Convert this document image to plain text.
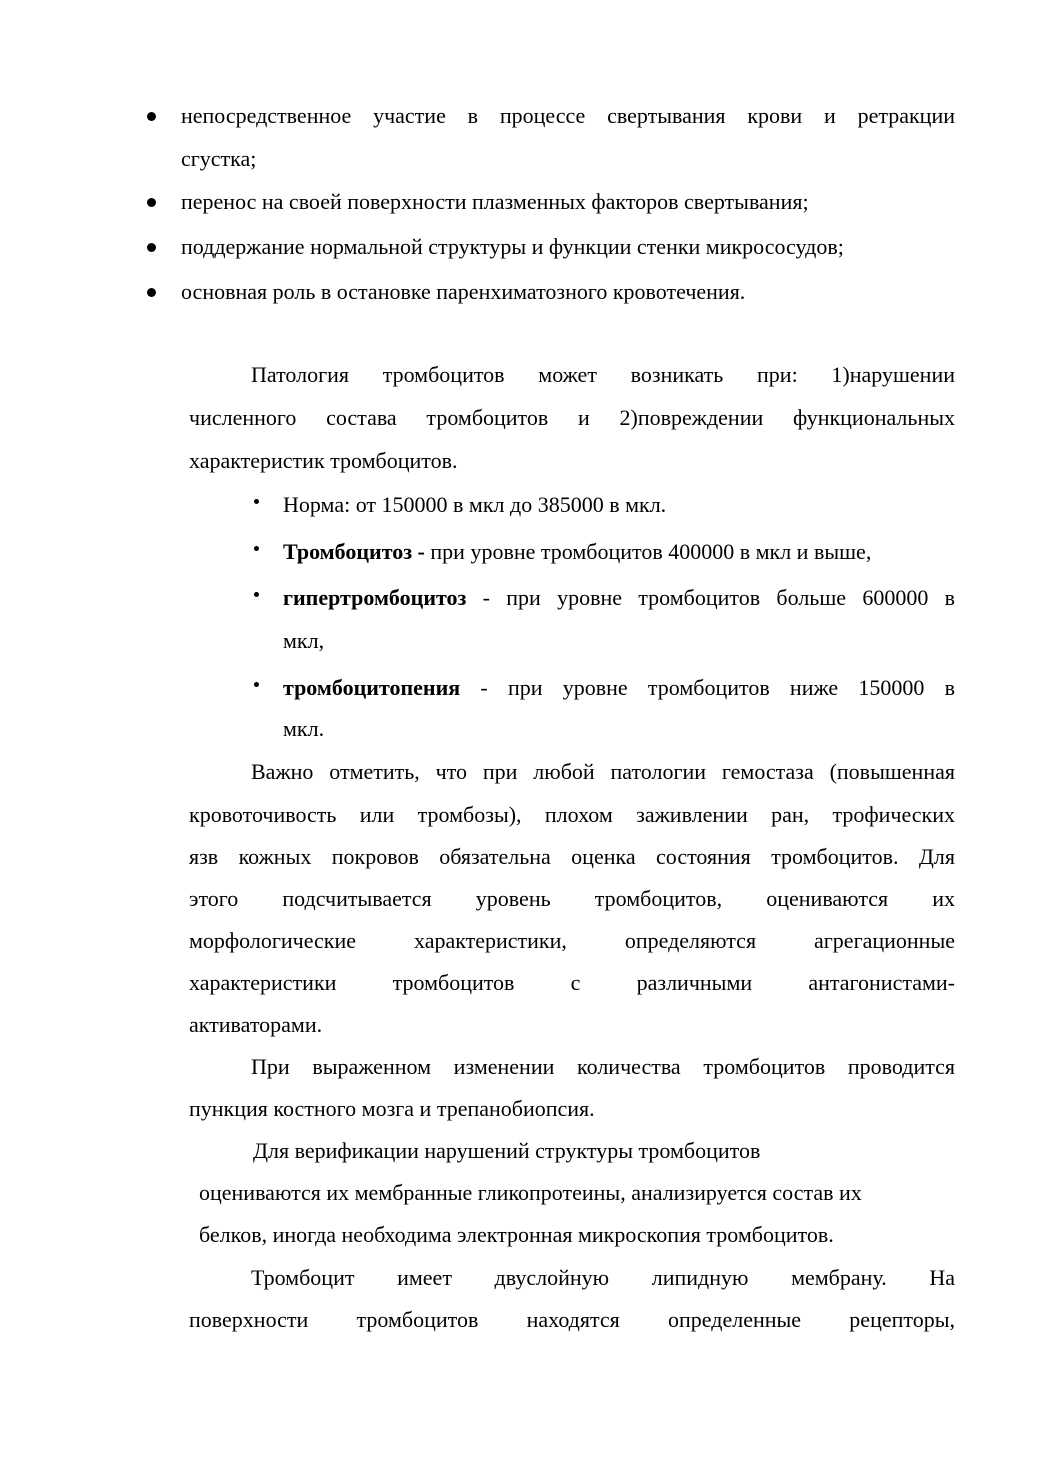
непосредственное участие в процессе свертывания крови и ретракции
сгустка;
перенос на своей поверхности плазменных факторов свертывания;
поддержание нормальной структуры и функции стенки микрососудов;
основная роль в остановке паренхиматозного кровотечения.
Патология тромбоцитов может возникать при: 1)нарушении
численного состава тромбоцитов и 2)повреждении функциональных
характеристик тромбоцитов.
Норма: от 150000 в мкл до 385000 в мкл.
Тромбоцитоз - при уровне тромбоцитов 400000 в мкл и выше,
гипертромбоцитоз - при уровне тромбоцитов больше 600000 в
мкл,
тромбоцитопения - при уровне тромбоцитов ниже 150000 в
мкл.
Важно отметить, что при любой патологии гемостаза (повышенная
кровоточивость или тромбозы), плохом заживлении ран, трофических
язв кожных покровов обязательна оценка состояния тромбоцитов. Для
этого подсчитывается уровень тромбоцитов, оцениваются их
морфологические характеристики, определяются агрегационные
характеристики тромбоцитов с различными антагонистами-
активаторами.
При выраженном изменении количества тромбоцитов проводится
пункция костного мозга и трепанобиопсия.
Для верификации нарушений структуры тромбоцитов
оцениваются их мембранные гликопротеины, анализируется состав их
белков, иногда необходима электронная микроскопия тромбоцитов.
Тромбоцит имеет двуслойную липидную мембрану. На
поверхности тромбоцитов находятся определенные рецепторы,
